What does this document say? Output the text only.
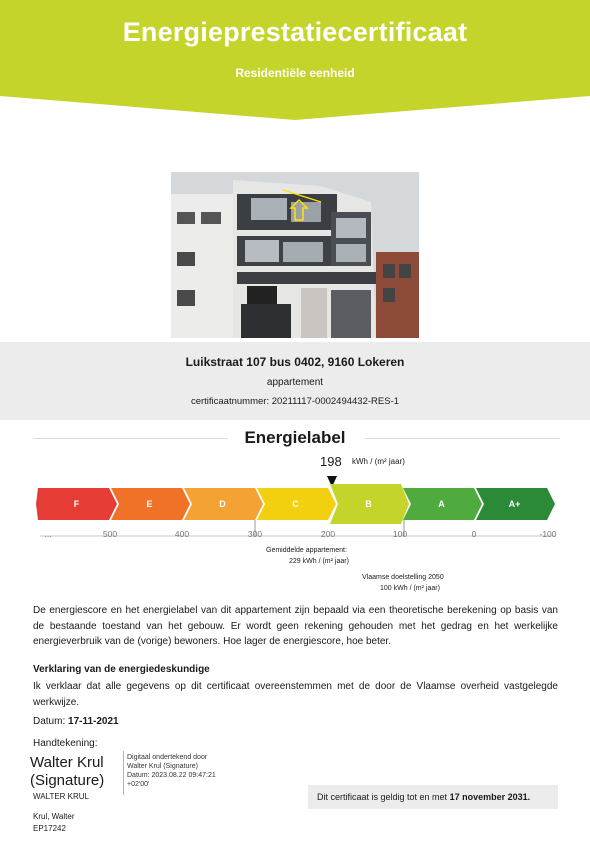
Energieprestatiecertificaat
Residentiële eenheid
Luikstraat 107 bus 0402, 9160 Lokeren
appartement
certificaatnummer: 20211117-0002494432-RES-1
Energielabel
198 kWh / (m² jaar)
F	E	D	C	B	A	A+
...	500	400	300	200	100	0	-100
Gemiddelde appartement:
229 kWh / (m² jaar)
Vlaamse doelstelling 2050
100 kWh / (m² jaar)
De energiescore en het energielabel van dit appartement zijn bepaald via een theoretische berekening op basis van de bestaande toestand van het gebouw. Er wordt geen rekening gehouden met het gedrag en het werkelijke energieverbruik van de (vorige) bewoners. Hoe lager de energiescore, hoe beter.
Verklaring van de energiedeskundige
Ik verklaar dat alle gegevens op dit certificaat overeenstemmen met de door de Vlaamse overheid vastgelegde werkwijze.
Datum: 17-11-2021
Handtekening:
Walter Krul
(Signature)
Digitaal ondertekend door
Walter Krul (Signature)
Datum: 2023.08.22 09:47:21
+02'00'
WALTER KRUL
Krul, Walter
EP17242
Dit certificaat is geldig tot en met 17 november 2031.
